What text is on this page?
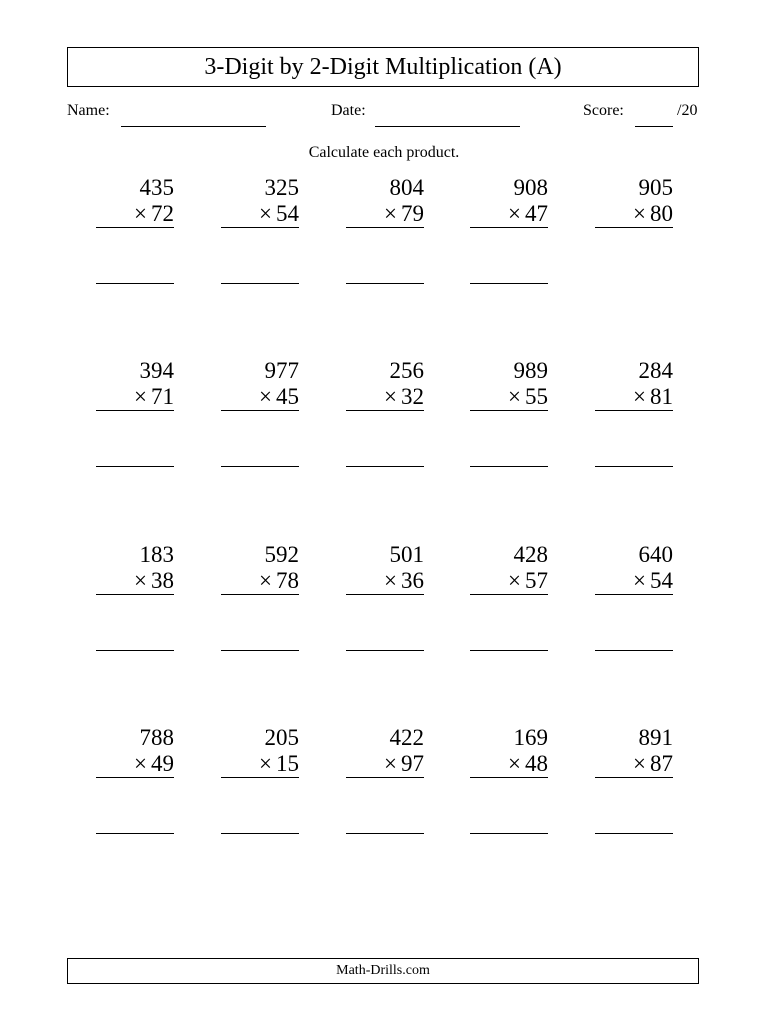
3-Digit by 2-Digit Multiplication (A)
Name:	Date:	Score:	/20
Calculate each product.
435
× 72
325
× 54
804
× 79
908
× 47
905
× 80
394
× 71
977
× 45
256
× 32
989
× 55
284
× 81
183
× 38
592
× 78
501
× 36
428
× 57
640
× 54
788
× 49
205
× 15
422
× 97
169
× 48
891
× 87
Math-Drills.com
